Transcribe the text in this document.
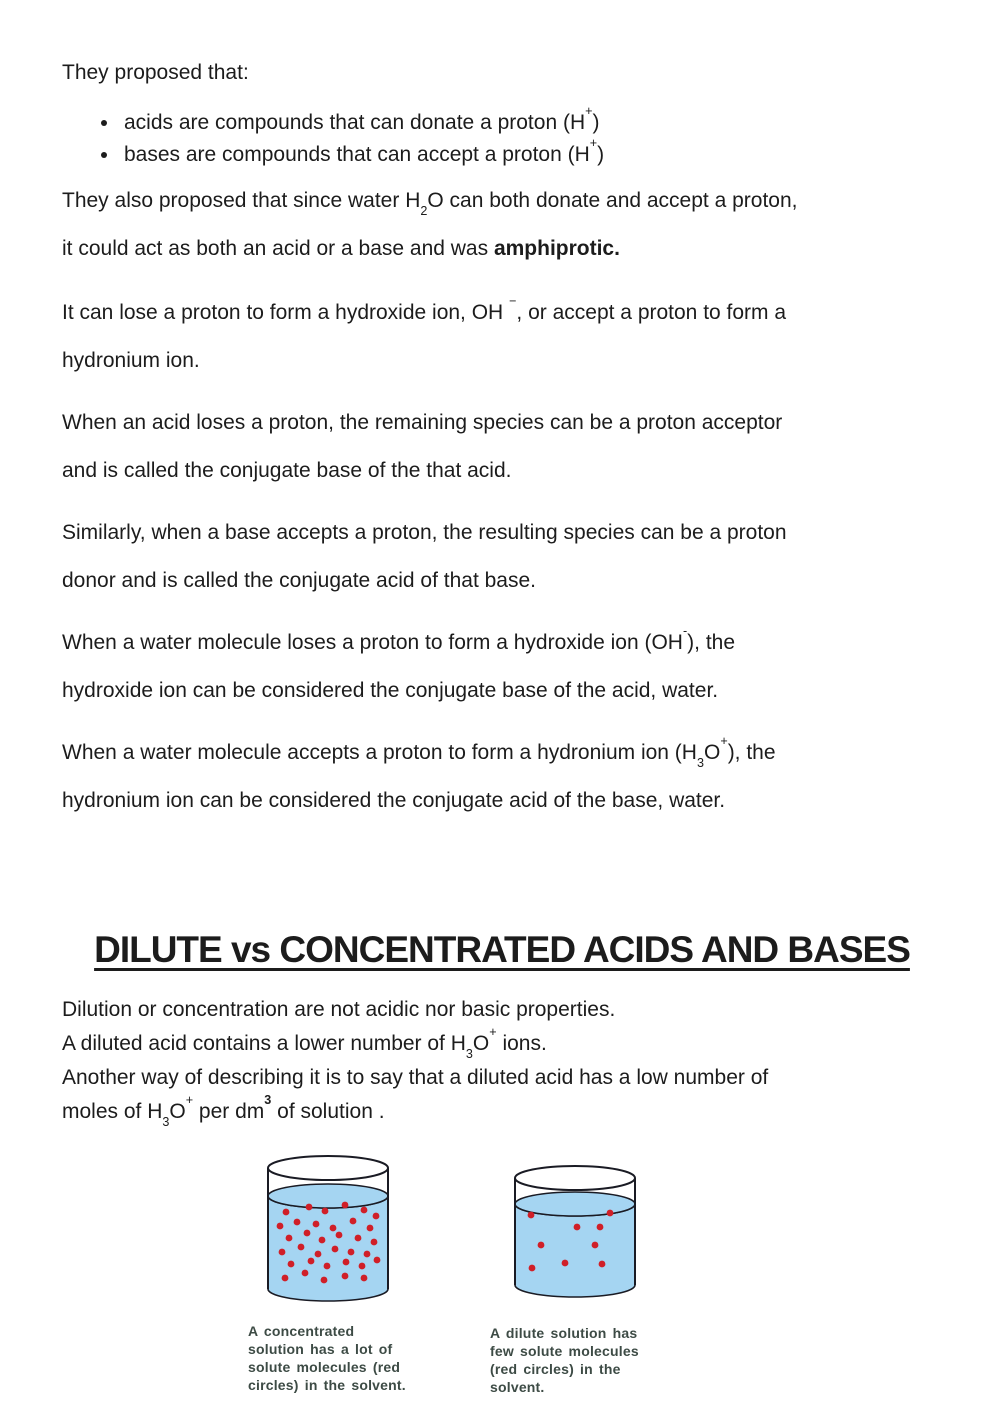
They proposed that:

• acids are compounds that can donate a proton (H+)
• bases are compounds that can accept a proton (H+)

They also proposed that since water $H_2O$ can both donate and accept a proton,
it could act as both an acid or a base and was amphiprotic.

It can lose a proton to form a hydroxide ion, OH −, or accept a proton to form a
hydronium ion.

When an acid loses a proton, the remaining species can be a proton acceptor
and is called the conjugate base of the that acid.

Similarly, when a base accepts a proton, the resulting species can be a proton
donor and is called the conjugate acid of that base.

When a water molecule loses a proton to form a hydroxide ion (OH-), the
hydroxide ion can be considered the conjugate base of the acid, water.

When a water molecule accepts a proton to form a hydronium ion $(H_3O^+)$, the
hydronium ion can be considered the conjugate acid of the base, water.

DILUTE vs CONCENTRATED ACIDS AND BASES

Dilution or concentration are not acidic nor basic properties.
A diluted acid contains a lower number of $H_3O^+$ ions.
Another way of describing it is to say that a diluted acid has a low number of
moles of $H_3O^+$ per $dm^3$ of solution .

A concentrated
solution has a lot of
solute molecules (red
circles) in the solvent.
A dilute solution has
few solute molecules
(red circles) in the
solvent.
